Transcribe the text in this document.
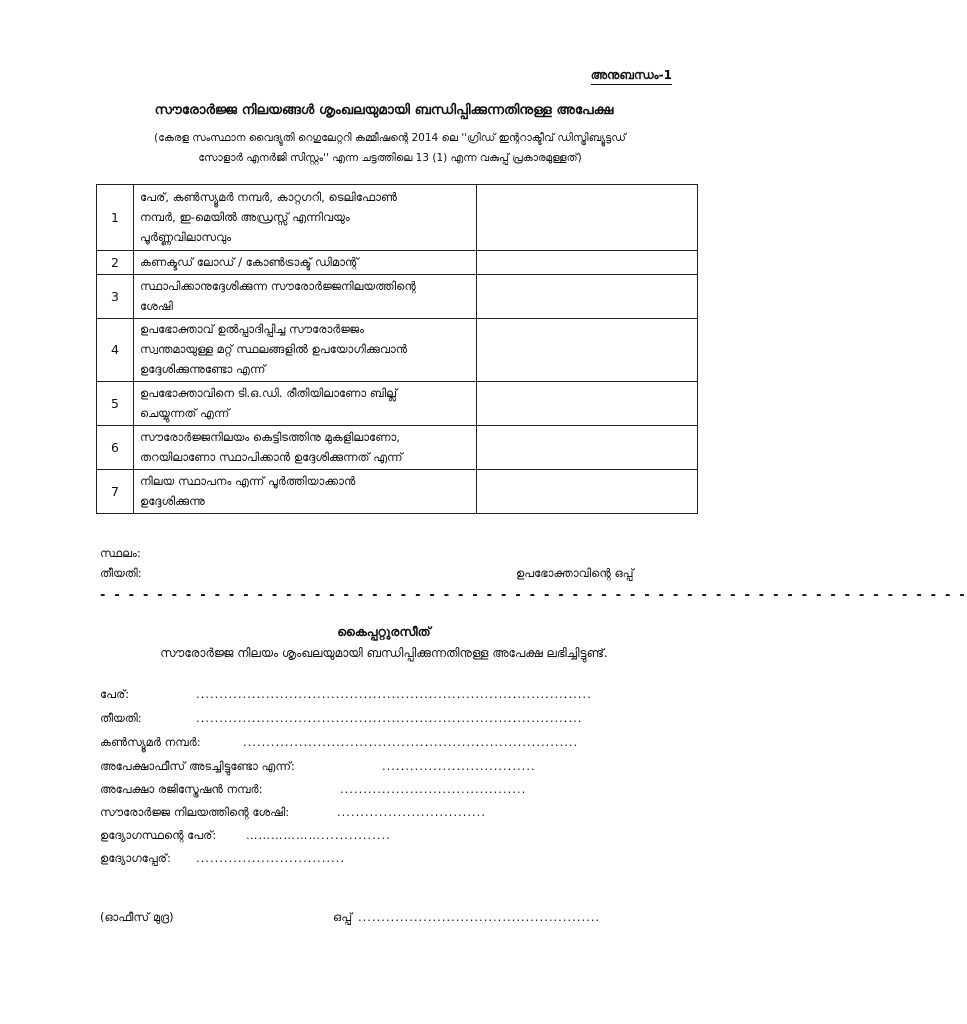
അനുബന്ധം-1
സൗരോർജ്ജ നിലയങ്ങൾ ശൃംഖലയുമായി ബന്ധിപ്പിക്കുന്നതിനുള്ള അപേക്ഷ
(കേരള സംസ്ഥാന വൈദ്യുതി റെഗുലേറ്ററി കമ്മീഷന്റെ 2014 ലെ ''ഗ്രിഡ് ഇന്ററാക്ടീവ് ഡിസ്ട്രിബ്യൂട്ടഡ്
സോളാർ എനർജി സിസ്റ്റം'' എന്ന ചട്ടത്തിലെ 13 (1) എന്ന വകുപ്പ് പ്രകാരമുള്ളത്)
1	പേര്, കൺസ്യൂമർ നമ്പർ, കാറ്റഗറി, ടെലിഫോൺ
നമ്പർ, ഇ-മെയിൽ അഡ്രസ്സ് എന്നിവയും
പൂർണ്ണവിലാസവും	

2	കണക്ടഡ് ലോഡ് / കോൺട്രാക്ട് ഡിമാന്റ്	

3	സ്ഥാപിക്കാനുദ്ദേശിക്കുന്ന സൗരോർജ്ജനിലയത്തിന്റെ
ശേഷി	

4	ഉപഭോക്താവ് ഉൽപ്പാദിപ്പിച്ച സൗരോർജ്ജം
സ്വന്തമായുള്ള മറ്റ് സ്ഥലങ്ങളിൽ ഉപയോഗിക്കുവാൻ
ഉദ്ദേശിക്കുന്നുണ്ടോ എന്ന്	

5	ഉപഭോക്താവിനെ ടി.ഒ.ഡി. രീതിയിലാണോ ബില്ല്
ചെയ്യുന്നത് എന്ന്	

6	സൗരോർജ്ജനിലയം കെട്ടിടത്തിനു മുകളിലാണോ,
തറയിലാണോ സ്ഥാപിക്കാൻ ഉദ്ദേശിക്കുന്നത് എന്ന്	

7	നിലയ സ്ഥാപനം എന്ന് പൂർത്തിയാക്കാൻ
ഉദ്ദേശിക്കുന്നു	

സ്ഥലം:
തീയതി:	ഉപഭോക്താവിന്റെ ഒപ്പ്
- - - - - - - - - - - - - - - - - - - - - - - - - - - - - - - - - - - - - - - - - - - - - - - - - - - - - - - - - - - - -
കൈപ്പറ്റുരസീത്
സൗരോർജ്ജ നിലയം ശൃംഖലയുമായി ബന്ധിപ്പിക്കുന്നതിനുള്ള അപേക്ഷ ലഭിച്ചിട്ടുണ്ട്.
പേര്:	.....................................................................................
തീയതി:	...................................................................................
കൺസ്യൂമർ നമ്പർ:	........................................................................
അപേക്ഷാഫീസ് അടച്ചിട്ടുണ്ടോ എന്ന്:	.................................
അപേക്ഷാ രജിസ്ട്രേഷൻ നമ്പർ:	........................................
സൗരോർജ്ജ നിലയത്തിന്റെ ശേഷി:	................................
ഉദ്യോഗസ്ഥന്റെ പേര്:	………………...............
ഉദ്യോഗപ്പേര്: ................................
(ഓഫീസ് മുദ്ര)	ഒപ്പ് ....................................................
